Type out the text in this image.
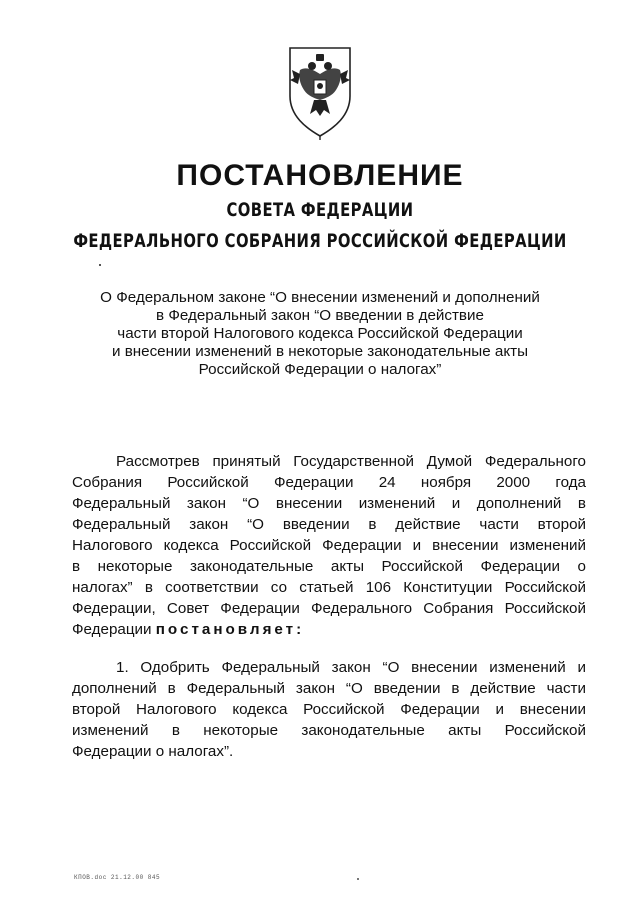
ПОСТАНОВЛЕНИЕ
СОВЕТА ФЕДЕРАЦИИ
ФЕДЕРАЛЬНОГО СОБРАНИЯ РОССИЙСКОЙ ФЕДЕРАЦИИ
О Федеральном законе “О внесении изменений и дополнений
в Федеральный закон “О введении в действие
части второй Налогового кодекса Российской Федерации
и внесении изменений в некоторые законодательные акты
Российской Федерации о налогах”
Рассмотрев принятый Государственной Думой Федерального
Собрания Российской Федерации 24 ноября 2000 года
Федеральный закон “О внесении изменений и дополнений в
Федеральный закон “О введении в действие части второй
Налогового кодекса Российской Федерации и внесении изменений
в некоторые законодательные акты Российской Федерации о
налогах” в соответствии со статьей 106 Конституции Российской
Федерации, Совет Федерации Федерального Собрания Российской
Федерации постановляет:
1. Одобрить Федеральный закон “О внесении изменений и
дополнений в Федеральный закон “О введении в действие части
второй Налогового кодекса Российской Федерации и внесении
изменений в некоторые законодательные акты Российской
Федерации о налогах”.
КПОВ.doc 21.12.00 845
